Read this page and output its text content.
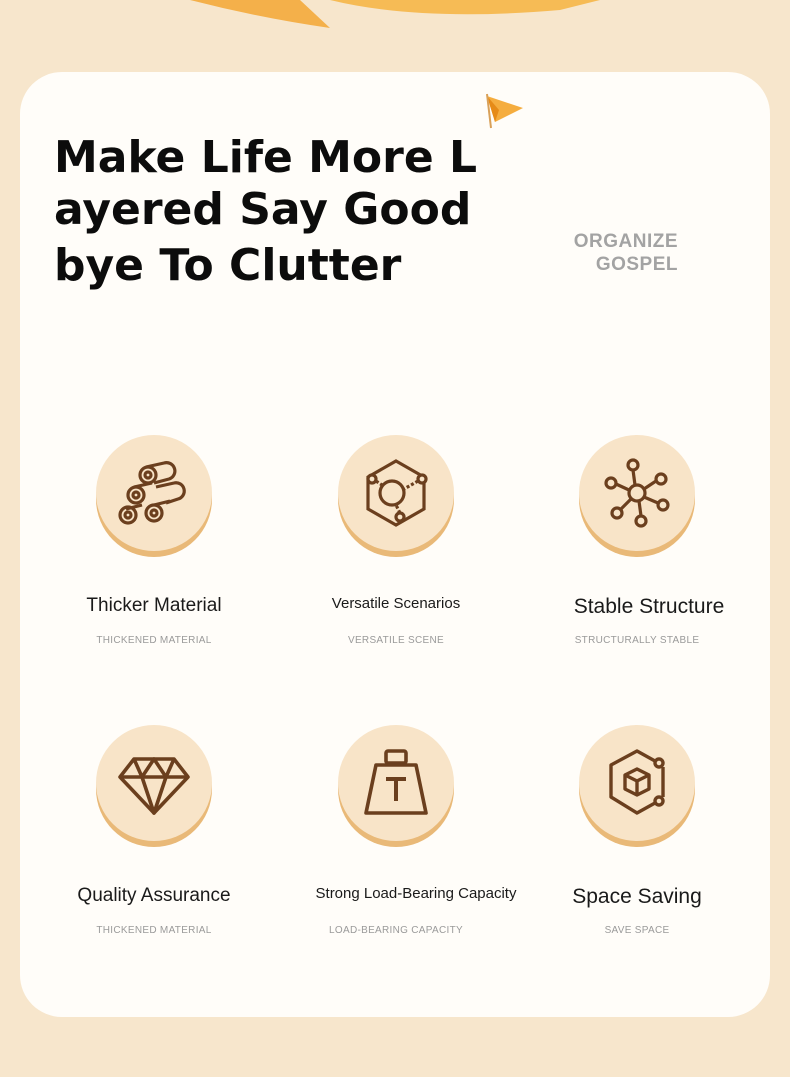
Make Life More L
ayered Say Good
bye To Clutter	ORGANIZE
GOSPEL
Thicker Material
THICKENED MATERIAL
Versatile Scenarios
VERSATILE SCENE
Stable Structure
STRUCTURALLY STABLE
Quality Assurance
THICKENED MATERIAL
Strong Load-Bearing Capacity
LOAD-BEARING CAPACITY
Space Saving
SAVE SPACE
